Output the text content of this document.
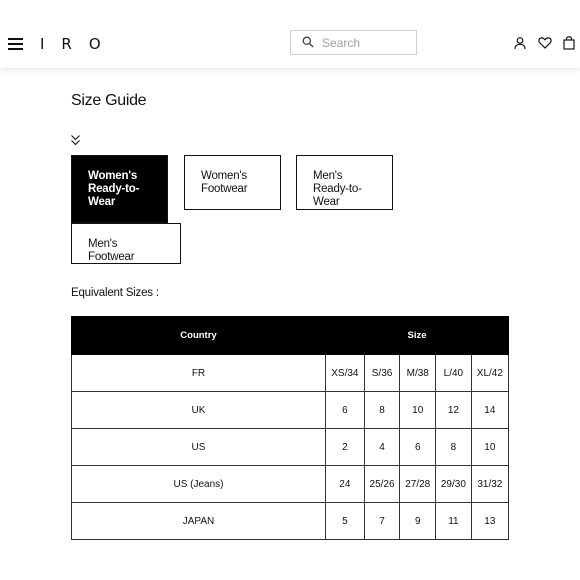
IRO
Search
Size Guide
Women's Ready-to-Wear
Women's Footwear
Men's Ready-to-Wear
Men's Footwear
Equivalent Sizes :
Country	Size				
FR	XS/34	S/36	M/38	L/40	XL/42
UK	6	8	10	12	14
US	2	4	6	8	10
US (Jeans)	24	25/26	27/28	29/30	31/32
JAPAN	5	7	9	11	13
